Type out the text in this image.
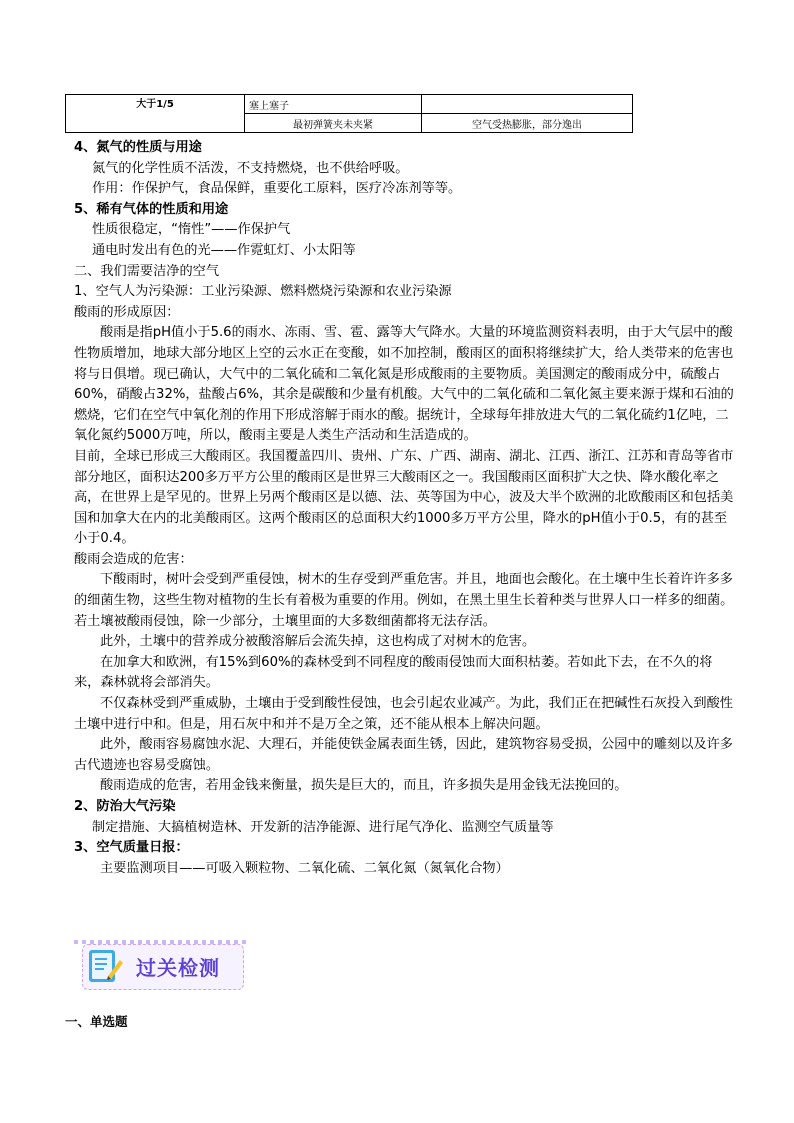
大于1/5	塞上塞子	
	最初弹簧夹未夹紧	空气受热膨胀，部分逸出

4、氮气的性质与用途

氮气的化学性质不活泼，不支持燃烧，也不供给呼吸。

作用：作保护气，食品保鲜，重要化工原料，医疗冷冻剂等等。

5、稀有气体的性质和用途

性质很稳定，“惰性”——作保护气

通电时发出有色的光——作霓虹灯、小太阳等

二、我们需要洁净的空气

1、空气人为污染源：工业污染源、燃料燃烧污染源和农业污染源

酸雨的形成原因：

酸雨是指pH值小于5.6的雨水、冻雨、雪、雹、露等大气降水。大量的环境监测资料表明，由于大气层中的酸性物质增加，地球大部分地区上空的云水正在变酸，如不加控制，酸雨区的面积将继续扩大，给人类带来的危害也将与日俱增。现已确认，大气中的二氧化硫和二氧化氮是形成酸雨的主要物质。美国测定的酸雨成分中，硫酸占60%，硝酸占32%，盐酸占6%，其余是碳酸和少量有机酸。大气中的二氧化硫和二氧化氮主要来源于煤和石油的燃烧，它们在空气中氧化剂的作用下形成溶解于雨水的酸。据统计，全球每年排放进大气的二氧化硫约1亿吨，二氧化氮约5000万吨，所以，酸雨主要是人类生产活动和生活造成的。

目前，全球已形成三大酸雨区。我国覆盖四川、贵州、广东、广西、湖南、湖北、江西、浙江、江苏和青岛等省市部分地区，面积达200多万平方公里的酸雨区是世界三大酸雨区之一。我国酸雨区面积扩大之快、降水酸化率之高，在世界上是罕见的。世界上另两个酸雨区是以德、法、英等国为中心，波及大半个欧洲的北欧酸雨区和包括美国和加拿大在内的北美酸雨区。这两个酸雨区的总面积大约1000多万平方公里，降水的pH值小于0.5，有的甚至小于0.4。

酸雨会造成的危害：

下酸雨时，树叶会受到严重侵蚀，树木的生存受到严重危害。并且，地面也会酸化。在土壤中生长着许许多多的细菌生物，这些生物对植物的生长有着极为重要的作用。例如，在黑土里生长着种类与世界人口一样多的细菌。若土壤被酸雨侵蚀，除一少部分，土壤里面的大多数细菌都将无法存活。

此外，土壤中的营养成分被酸溶解后会流失掉，这也构成了对树木的危害。

在加拿大和欧洲，有15%到60%的森林受到不同程度的酸雨侵蚀而大面积枯萎。若如此下去，在不久的将来，森林就将会部消失。

不仅森林受到严重威胁，土壤由于受到酸性侵蚀，也会引起农业减产。为此，我们正在把碱性石灰投入到酸性土壤中进行中和。但是，用石灰中和并不是万全之策，还不能从根本上解决问题。

此外，酸雨容易腐蚀水泥、大理石，并能使铁金属表面生锈，因此，建筑物容易受损，公园中的雕刻以及许多古代遗迹也容易受腐蚀。

酸雨造成的危害，若用金钱来衡量，损失是巨大的，而且，许多损失是用金钱无法挽回的。

2、防治大气污染

制定措施、大搞植树造林、开发新的洁净能源、进行尾气净化、监测空气质量等

3、空气质量日报：

主要监测项目——可吸入颗粒物、二氧化硫、二氧化氮（氮氧化合物）

过关检测
一、单选题
